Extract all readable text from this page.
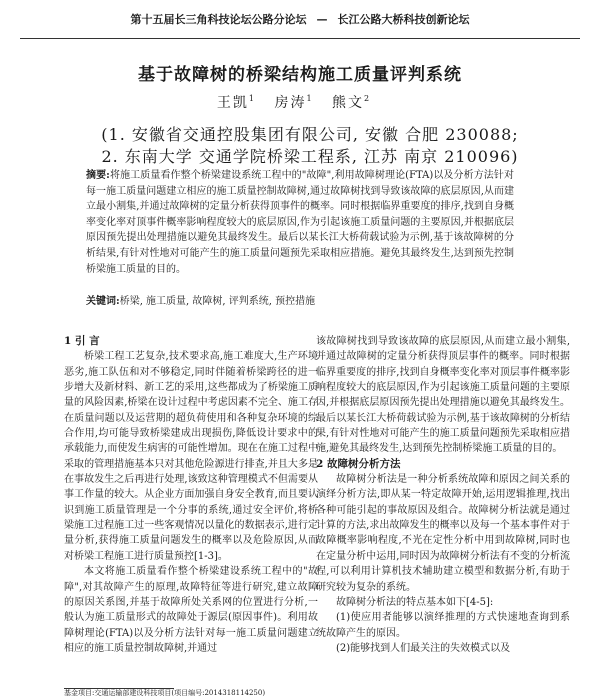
第十五届长三角科技论坛公路分论坛 — 长江公路大桥科技创新论坛
基于故障树的桥梁结构施工质量评判系统
王凯$^1$ 房涛$^1$ 熊文$^2$
(1. 安徽省交通控股集团有限公司, 安徽 合肥 230088;
2. 东南大学 交通学院桥梁工程系, 江苏 南京 210096)
摘要:将施工质量看作整个桥梁建设系统工程中的"故障",利用故障树理论(FTA)以及分析方法针对每一施工质量问题建立相应的施工质量控制故障树,通过故障树找到导致该故障的底层原因,从而建立最小割集,并通过故障树的定量分析获得顶事件的概率。同时根据临界重要度的排序,找到自身概率变化率对顶事件概率影响程度较大的底层原因,作为引起该施工质量问题的主要原因,并根据底层原因预先提出处理措施以避免其最终发生。最后以某长江大桥荷载试验为示例,基于该故障树的分析结果,有针对性地对可能产生的施工质量问题预先采取相应措施。避免其最终发生,达到预先控制桥梁施工质量的目的。
关键词:桥梁, 施工质量, 故障树, 评判系统, 预控措施

1 引 言

桥梁工程工艺复杂,技术要求高,施工难度大,生产环境恶劣,施工队伍和对不够稳定,同时伴随着桥梁跨径的进一步增大及新材料、新工艺的采用,这些都成为了桥梁施工质量的风险因素,桥梁在设计过程中考虑因素不完全、施工存在质量问题以及运营期的超负荷使用和各种复杂环境的综合作用,均可能导致桥梁建成出现损伤,降低设计要求中的承载能力,而使发生病害的可能性增加。现在在施工过程中采取的管理措施基本只对其他危险源进行排查,并且大多是在事故发生之后再进行处理,该致这种管理模式不但需要从事工作量的较大。从企业方面加强自身安全教育,而且要认识到施工质量管理是一个分事的系统,通过安全评价,将桥梁施工过程施工过一些客观情况以量化的数据表示,进行定量分析,获得施工质量问题发生的概率以及危险原因,从而对桥梁工程施工进行质量预控[1-3]。

本文将施工质量看作整个桥梁建设系统工程中的"故障",对其故障产生的原理,故障特征等进行研究,建立故障的原因关系图,并基于故障所处关系网的位置进行分析,一般认为施工质量形式的故障处于源层(原因事件)。利用故障树理论(FTA)以及分析方法针对每一施工质量问题建立相应的施工质量控制故障树,并通过

该故障树找到导致该故障的底层原因,从而建立最小割集,并通过故障树的定量分析获得顶层事件的概率。同时根据临界重要度的排序,找到自身概率变化率对顶层事件概率影响程度较大的底层原因,作为引起该施工质量问题的主要原因,并根据底层原因预先提出处理措施以避免其最终发生。最后以某长江大桥荷载试验为示例,基于该故障树的分析结果,有针对性地对可能产生的施工质量问题预先采取相应措施,避免其最终发生,达到预先控制桥梁施工质量的目的。

2 故障树分析方法

故障树分析法是一种分析系统故障和原因之间关系的演绎分析方法,即从某一特定故障开始,运用逻辑推理,找出各种可能引起的事故原因及组合。故障树分析法就是通过计算的方法,求出故障发生的概率以及每一个基本事件对于故障概率影响程度,不光在定性分析中用到故障树,同时也在定量分析中运用,同时因为故障树分析法有不变的分析流程,可以利用计算机技术辅助建立模型和数据分析,有助于研究较为复杂的系统。

故障树分析法的特点基本如下[4-5]:

(1)使应用者能够以演绎推理的方式快速地查询到系统故障产生的原因。

(2)能够找到人们最关注的失效模式以及

基金项目:交通运输部建设科技项目(项目编号:2014318114250)
